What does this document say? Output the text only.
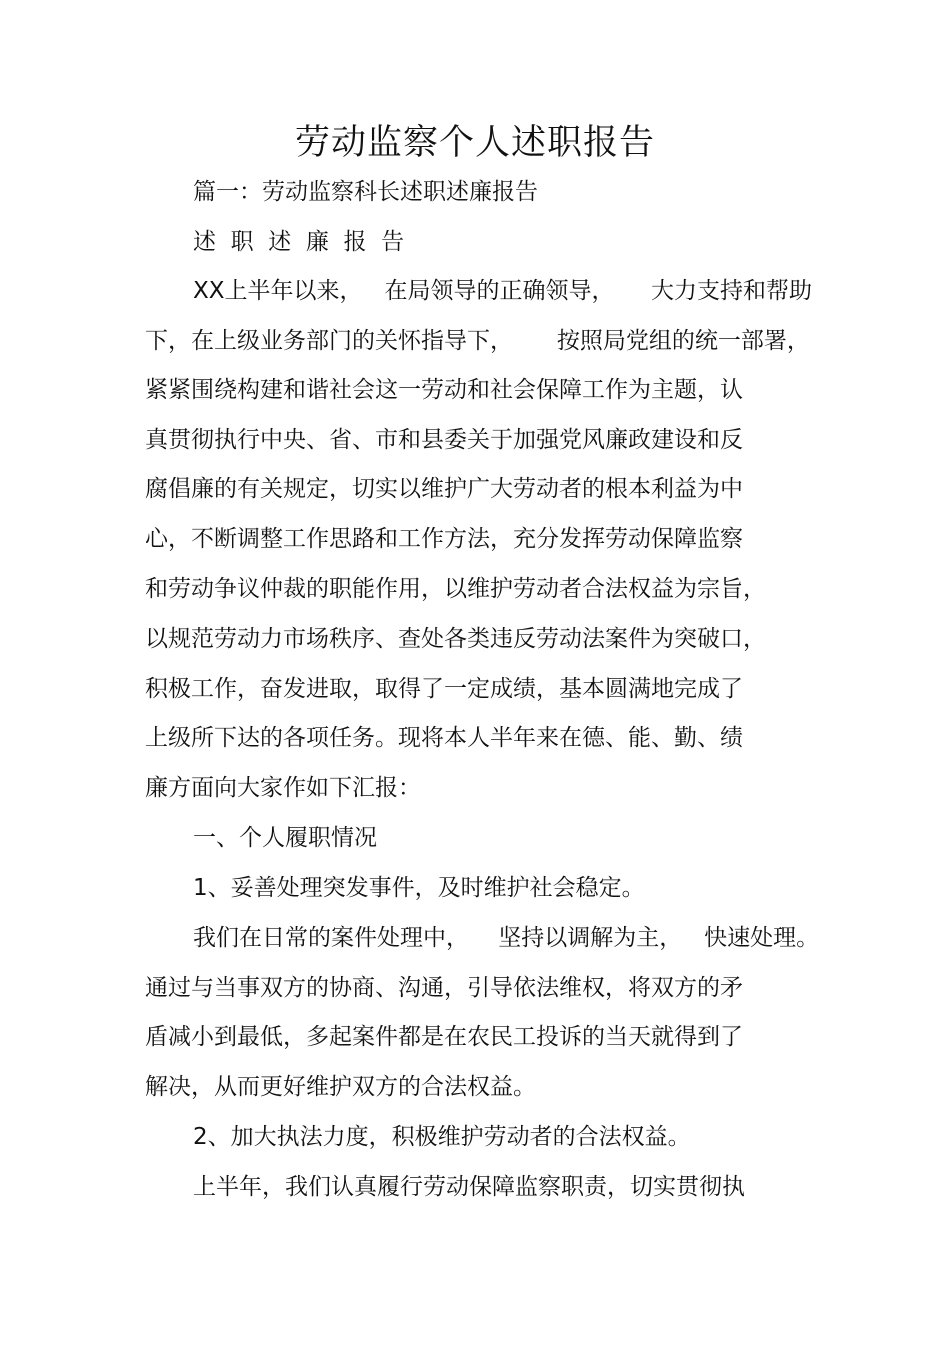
劳动监察个人述职报告
篇一：劳动监察科长述职述廉报告
述  职  述  廉  报  告
XX上半年以来，   在局领导的正确领导，     大力支持和帮助
下，在上级业务部门的关怀指导下，      按照局党组的统一部署，
紧紧围绕构建和谐社会这一劳动和社会保障工作为主题，认
真贯彻执行中央、省、市和县委关于加强党风廉政建设和反
腐倡廉的有关规定，切实以维护广大劳动者的根本利益为中
心，不断调整工作思路和工作方法，充分发挥劳动保障监察
和劳动争议仲裁的职能作用，以维护劳动者合法权益为宗旨，
以规范劳动力市场秩序、查处各类违反劳动法案件为突破口，
积极工作，奋发进取，取得了一定成绩，基本圆满地完成了
上级所下达的各项任务。现将本人半年来在德、能、勤、绩
廉方面向大家作如下汇报：
一、个人履职情况
1、妥善处理突发事件，及时维护社会稳定。
我们在日常的案件处理中，    坚持以调解为主，   快速处理。
通过与当事双方的协商、沟通，引导依法维权，将双方的矛
盾减小到最低，多起案件都是在农民工投诉的当天就得到了
解决，从而更好维护双方的合法权益。
2、加大执法力度，积极维护劳动者的合法权益。
上半年，我们认真履行劳动保障监察职责，切实贯彻执
